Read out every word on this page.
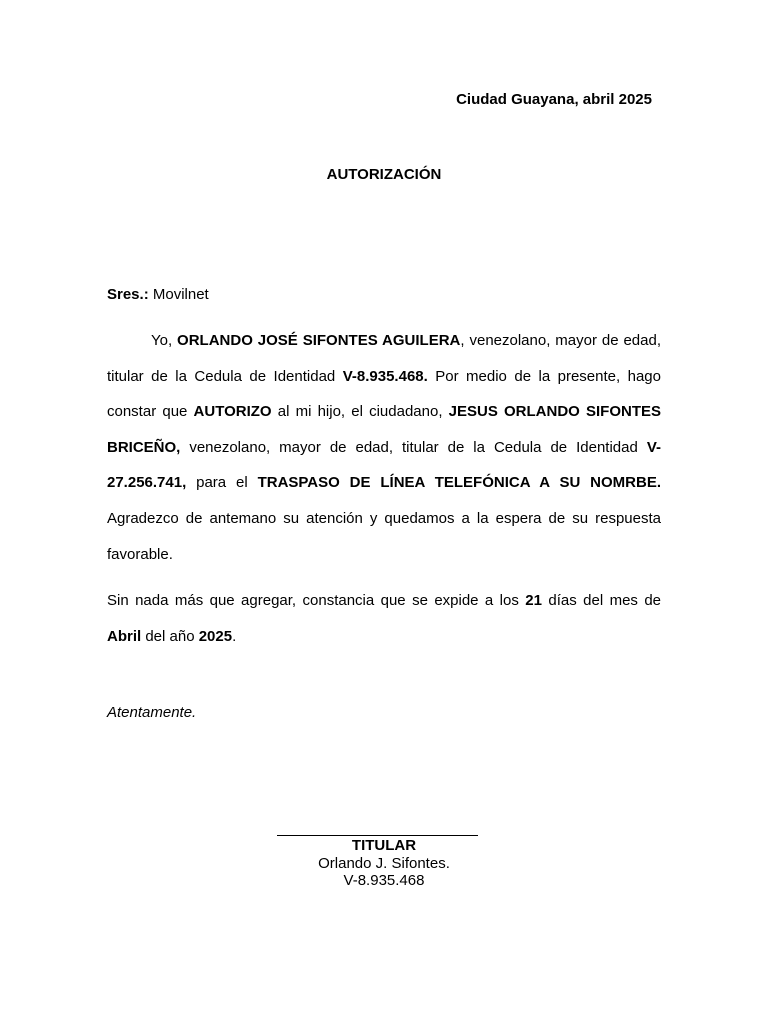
Ciudad Guayana, abril 2025
AUTORIZACIÓN
Sres.: Movilnet

Yo, ORLANDO JOSÉ SIFONTES AGUILERA, venezolano, mayor de edad, titular de la Cedula de Identidad V-8.935.468. Por medio de la presente, hago constar que AUTORIZO al mi hijo, el ciudadano, JESUS ORLANDO SIFONTES BRICEÑO, venezolano, mayor de edad, titular de la Cedula de Identidad V-27.256.741, para el TRASPASO DE LÍNEA TELEFÓNICA A SU NOMRBE. Agradezco de antemano su atención y quedamos a la espera de su respuesta favorable.

Sin nada más que agregar, constancia que se expide a los 21 días del mes de Abril del año 2025.

Atentamente.
TITULAR
Orlando J. Sifontes.
V-8.935.468
